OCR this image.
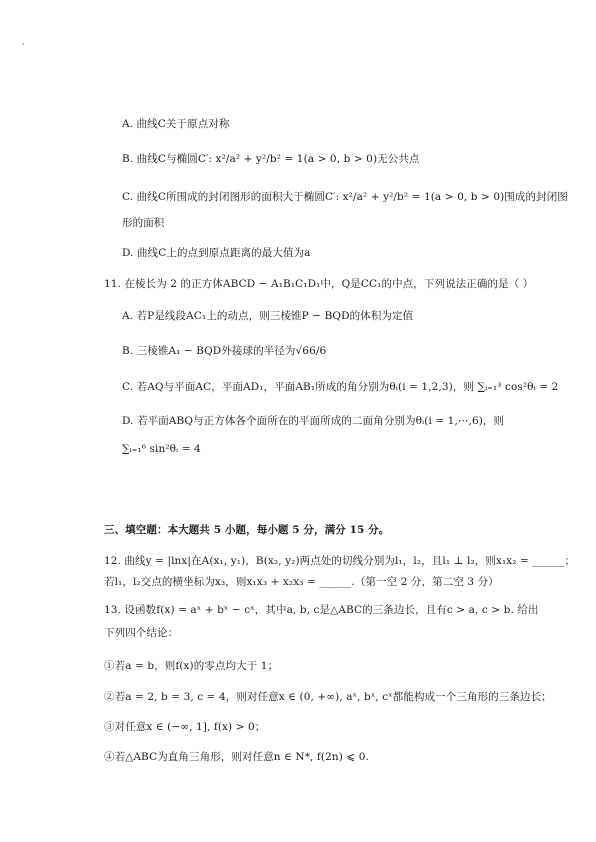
A. 曲线C关于原点对称
B. 曲线C与椭圆C′: x²/a² + y²/b² = 1(a > 0, b > 0)无公共点
C. 曲线C所围成的封闭图形的面积大于椭圆C′: x²/a² + y²/b² = 1(a > 0, b > 0)围成的封闭图
形的面积
D. 曲线C上的点到原点距离的最大值为a
11. 在棱长为 2 的正方体ABCD − A₁B₁C₁D₁中，Q是CC₁的中点，下列说法正确的是（ ）
A. 若P是线段AC₁上的动点，则三棱锥P − BQD的体积为定值
B. 三棱锥A₁ − BQD外接球的半径为√66/6
C. 若AQ与平面AC，平面AD₁，平面AB₁所成的角分别为θᵢ(i = 1,2,3)，则 ∑ᵢ₌₁³ cos²θᵢ = 2
D. 若平面ABQ与正方体各个面所在的平面所成的二面角分别为θᵢ(i = 1,⋯,6)，则
∑ᵢ₌₁⁶ sin²θᵢ = 4
三、填空题：本大题共 5 小题，每小题 5 分，满分 15 分。
12. 曲线y = |lnx|在A(x₁, y₁)，B(x₂, y₂)两点处的切线分别为l₁，l₂，且l₁ ⊥ l₂，则x₁x₂ = ______；
若l₁，l₂交点的横坐标为x₃，则x₁x₃ + x₂x₃ = ______.（第一空 2 分，第二空 3 分）
13. 设函数f(x) = aˣ + bˣ − cˣ，其中a, b, c是△ABC的三条边长，且有c > a, c > b. 给出
下列四个结论：
①若a = b，则f(x)的零点均大于 1；
②若a = 2, b = 3, c = 4，则对任意x ∈ (0, +∞), aˣ, bˣ, cˣ都能构成一个三角形的三条边长；
③对任意x ∈ (−∞, 1], f(x) > 0；
④若△ABC为直角三角形，则对任意n ∈ N*, f(2n) ⩽ 0.
